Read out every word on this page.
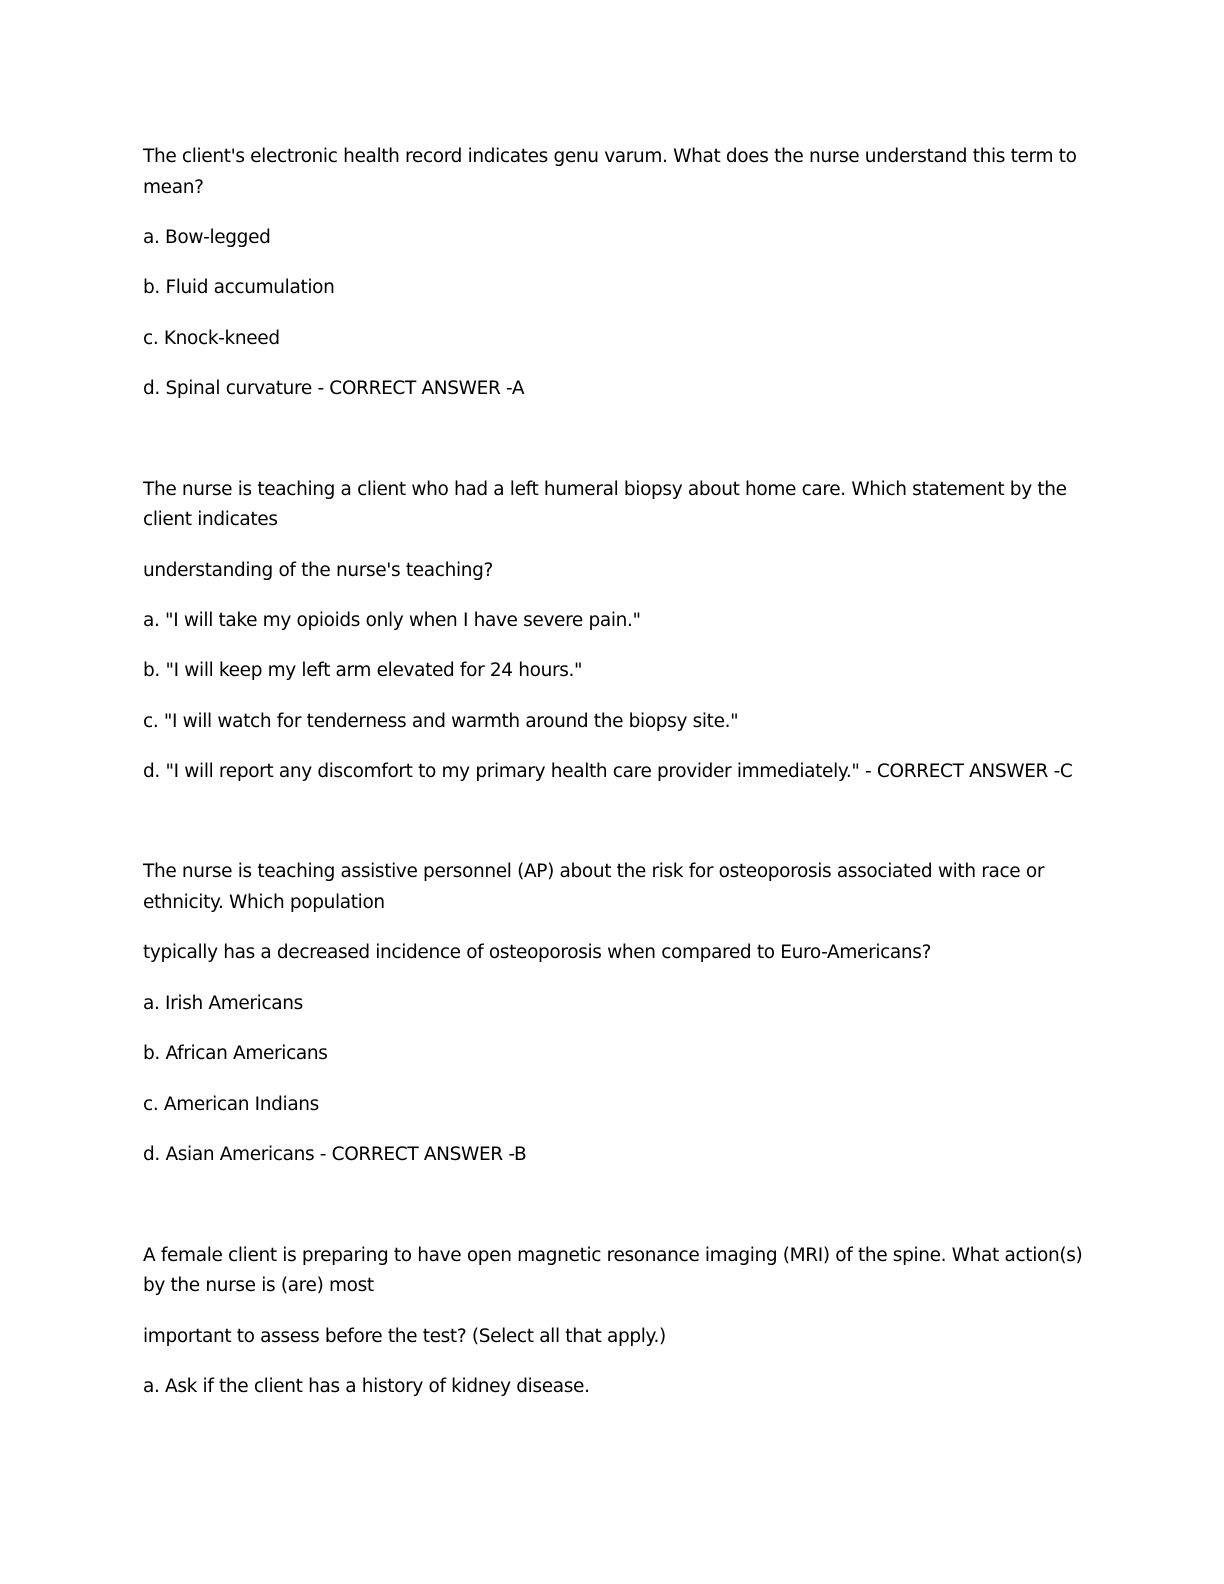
The client's electronic health record indicates genu varum. What does the nurse understand this term to
mean?
a. Bow-legged
b. Fluid accumulation
c. Knock-kneed
d. Spinal curvature - CORRECT ANSWER -A
The nurse is teaching a client who had a left humeral biopsy about home care. Which statement by the
client indicates
understanding of the nurse's teaching?
a. "I will take my opioids only when I have severe pain."
b. "I will keep my left arm elevated for 24 hours."
c. "I will watch for tenderness and warmth around the biopsy site."
d. "I will report any discomfort to my primary health care provider immediately." - CORRECT ANSWER -C
The nurse is teaching assistive personnel (AP) about the risk for osteoporosis associated with race or
ethnicity. Which population
typically has a decreased incidence of osteoporosis when compared to Euro-Americans?
a. Irish Americans
b. African Americans
c. American Indians
d. Asian Americans - CORRECT ANSWER -B
A female client is preparing to have open magnetic resonance imaging (MRI) of the spine. What action(s)
by the nurse is (are) most
important to assess before the test? (Select all that apply.)
a. Ask if the client has a history of kidney disease.
